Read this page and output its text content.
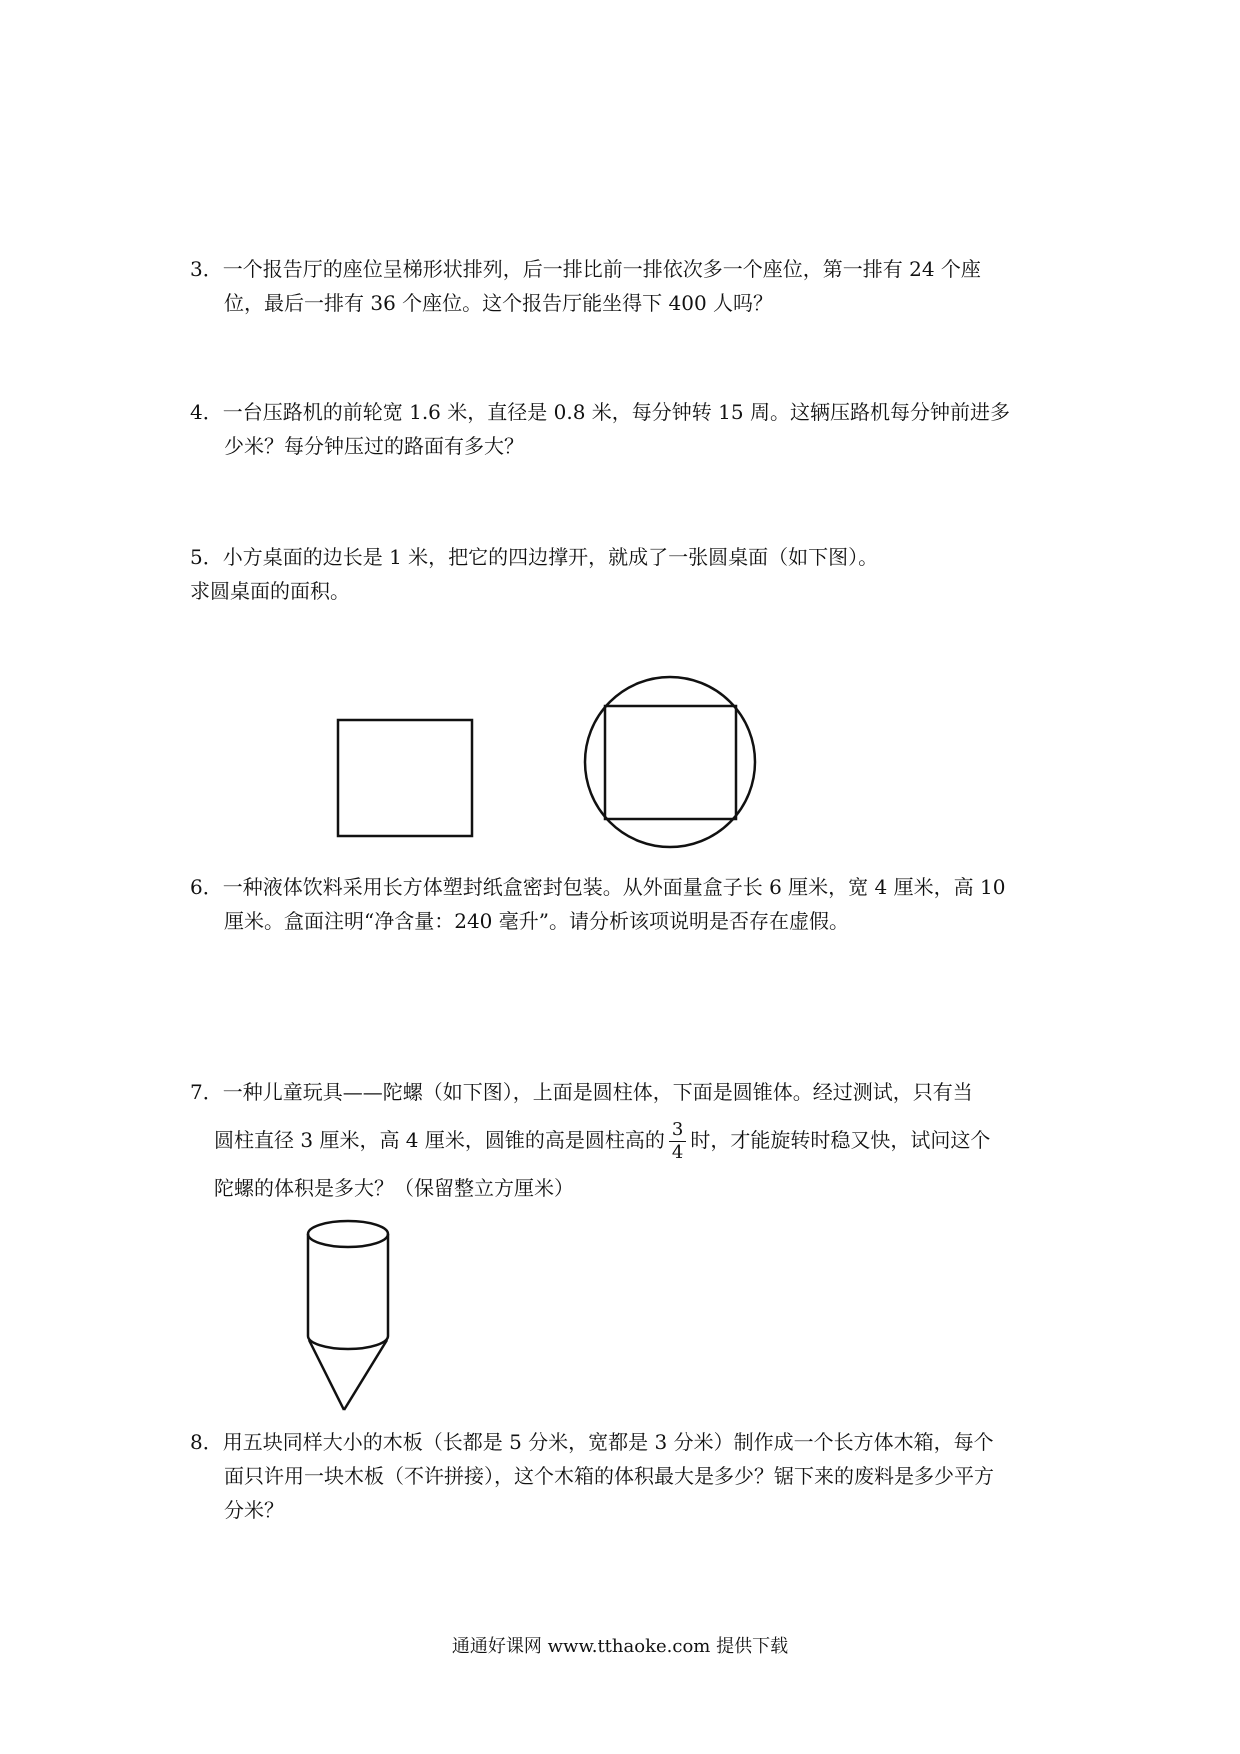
3．一个报告厅的座位呈梯形状排列，后一排比前一排依次多一个座位，第一排有 24 个座
位，最后一排有 36 个座位。这个报告厅能坐得下 400 人吗？
4．一台压路机的前轮宽 1.6 米，直径是 0.8 米，每分钟转 15 周。这辆压路机每分钟前进多
少米？每分钟压过的路面有多大？
5．小方桌面的边长是 1 米，把它的四边撑开，就成了一张圆桌面（如下图）。
求圆桌面的面积。
6．一种液体饮料采用长方体塑封纸盒密封包装。从外面量盒子长 6 厘米，宽 4 厘米，高 10
厘米。盒面注明“净含量：240 毫升”。请分析该项说明是否存在虚假。
7．一种儿童玩具——陀螺（如下图），上面是圆柱体，下面是圆锥体。经过测试，只有当
圆柱直径 3 厘米，高 4 厘米，圆锥的高是圆柱高的 $\frac{3}{4}$ 时，才能旋转时稳又快，试问这个
陀螺的体积是多大？（保留整立方厘米）
8．用五块同样大小的木板（长都是 5 分米，宽都是 3 分米）制作成一个长方体木箱，每个
面只许用一块木板（不许拼接），这个木箱的体积最大是多少？锯下来的废料是多少平方
分米？
通通好课网 www.tthaoke.com 提供下载
